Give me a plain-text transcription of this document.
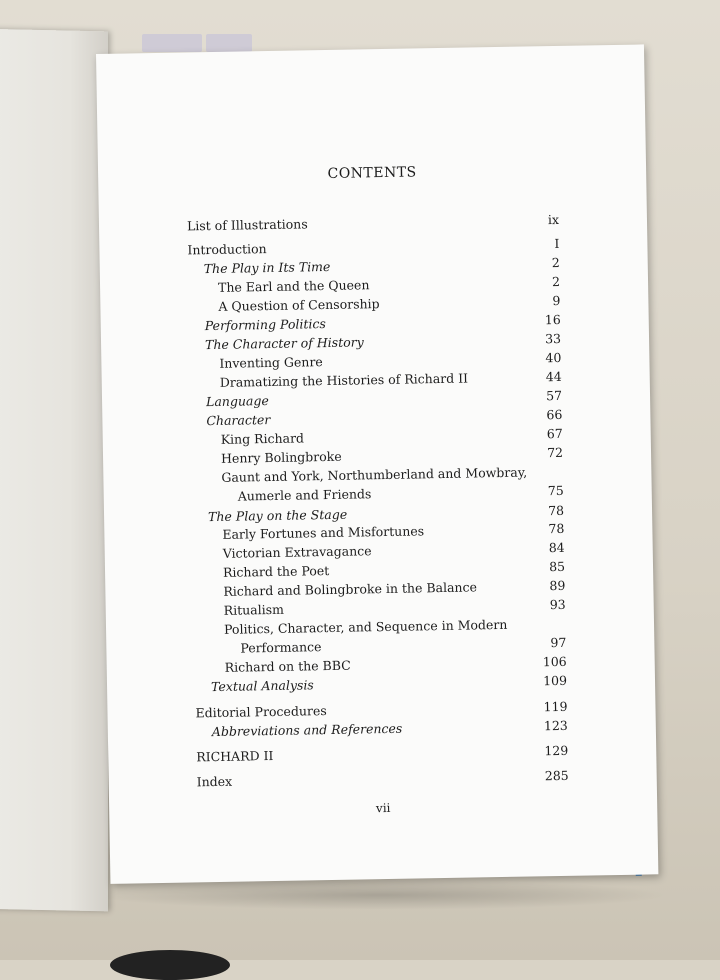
CONTENTS
List of Illustrations	ix
Introduction	I
The Play in Its Time	2
The Earl and the Queen	2
A Question of Censorship	9
Performing Politics	16
The Character of History	33
Inventing Genre	40
Dramatizing the Histories of Richard II	44
Language	57
Character	66
King Richard	67
Henry Bolingbroke	72
Gaunt and York, Northumberland and Mowbray,
Aumerle and Friends	75
The Play on the Stage	78
Early Fortunes and Misfortunes	78
Victorian Extravagance	84
Richard the Poet	85
Richard and Bolingbroke in the Balance	89
Ritualism	93
Politics, Character, and Sequence in Modern
Performance	97
Richard on the BBC	106
Textual Analysis	109
Editorial Procedures	119
Abbreviations and References	123
RICHARD II	129
Index	285
vii
